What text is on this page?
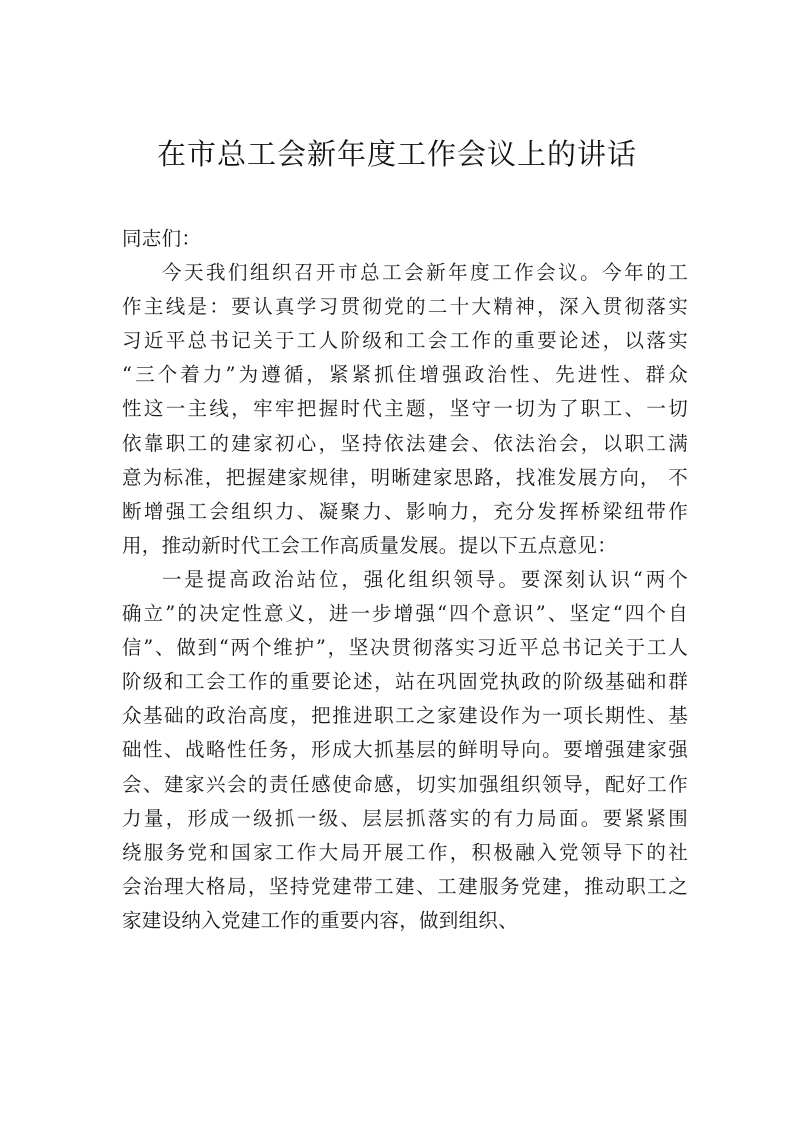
在市总工会新年度工作会议上的讲话
同志们：
今天我们组织召开市总工会新年度工作会议。今年的工
作主线是：要认真学习贯彻党的二十大精神，深入贯彻落实
习近平总书记关于工人阶级和工会工作的重要论述，以落实
“三个着力”为遵循，紧紧抓住增强政治性、先进性、群众
性这一主线，牢牢把握时代主题，坚守一切为了职工、一切
依靠职工的建家初心，坚持依法建会、依法治会，以职工满
意为标准，把握建家规律，明晰建家思路，找准发展方向， 不
断增强工会组织力、凝聚力、影响力，充分发挥桥梁纽带作
用，推动新时代工会工作高质量发展。提以下五点意见：
一是提高政治站位，强化组织领导。要深刻认识“两个
确立”的决定性意义，进一步增强“四个意识”、坚定“四个自
信”、做到“两个维护”，坚决贯彻落实习近平总书记关于工人
阶级和工会工作的重要论述，站在巩固党执政的阶级基础和群
众基础的政治高度，把推进职工之家建设作为一项长期性、基
础性、战略性任务，形成大抓基层的鲜明导向。要增强建家强
会、建家兴会的责任感使命感，切实加强组织领导，配好工作
力量，形成一级抓一级、层层抓落实的有力局面。要紧紧围
绕服务党和国家工作大局开展工作，积极融入党领导下的社
会治理大格局，坚持党建带工建、工建服务党建，推动职工之
家建设纳入党建工作的重要内容，做到组织、
